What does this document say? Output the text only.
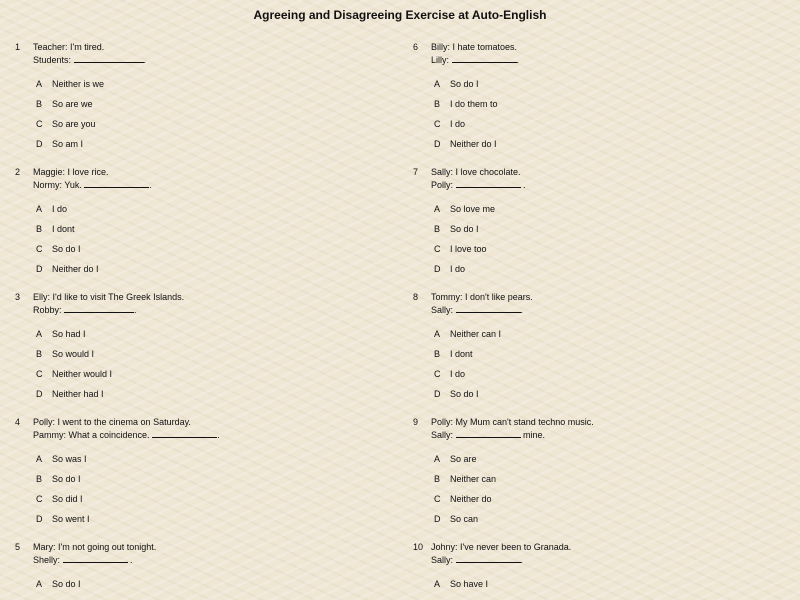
Agreeing and Disagreeing Exercise at Auto-English
1 Teacher: I'm tired.
Students:	.
A Neither is we
B So are we
C So are you
D So am I
2 Maggie: I love rice.
Normy: Yuk.	.
A I do
B I dont
C So do I
D Neither do I
3 Elly: I'd like to visit The Greek Islands.
Robby:	.
A So had I
B So would I
C Neither would I
D Neither had I
4 Polly: I went to the cinema on Saturday.
Pammy: What a coincidence.	.
A So was I
B So do I
C So did I
D So went I
5 Mary: I'm not going out tonight.
Shelly:	.
A So do I
6 Billy: I hate tomatoes.
Lilly:	.
A So do I
B I do them to
C I do
D Neither do I
7 Sally: I love chocolate.
Polly:	.
A So love me
B So do I
C I love too
D I do
8 Tommy: I don't like pears.
Sally:	.
A Neither can I
B I dont
C I do
D So do I
9 Polly: My Mum can't stand techno music.
Sally:	mine.
A So are
B Neither can
C Neither do
D So can
10 Johny: I've never been to Granada.
Sally:	.
A So have I
